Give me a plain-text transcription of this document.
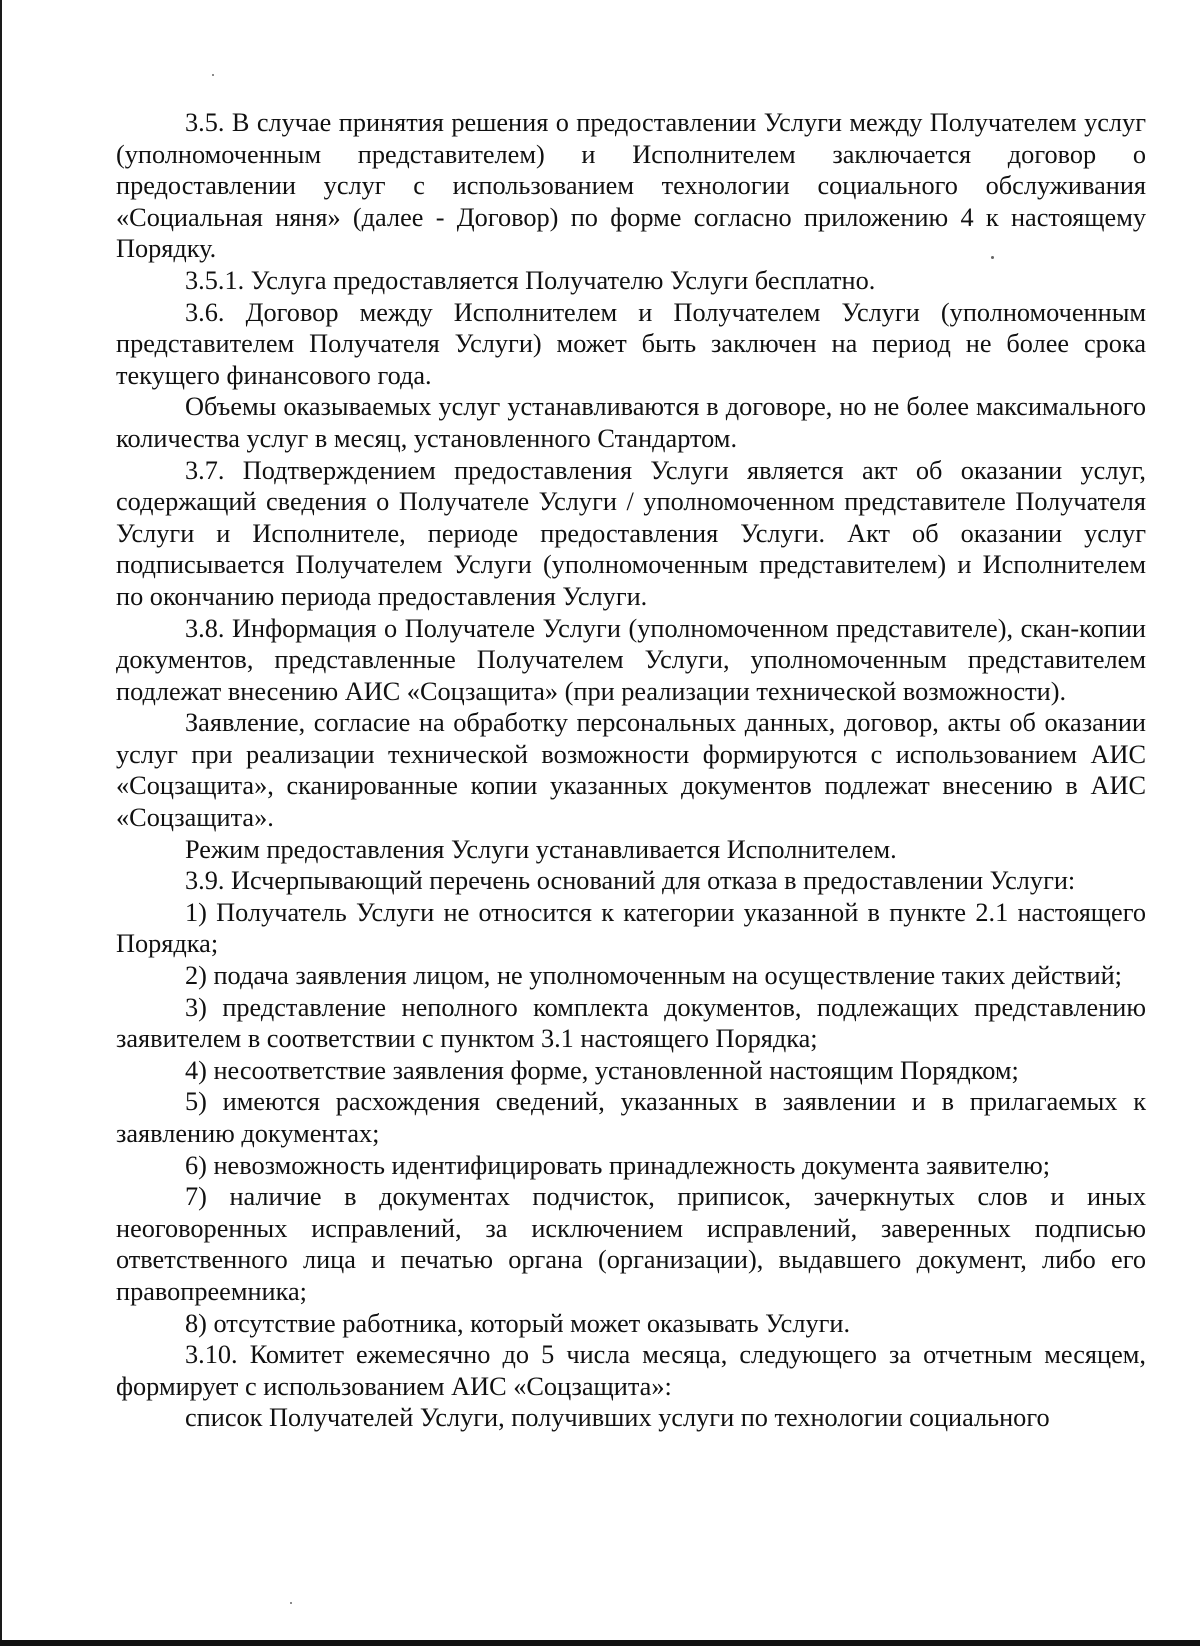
3.5. В случае принятия решения о предоставлении Услуги между Получателем услуг (уполномоченным представителем) и Исполнителем заключается договор о предоставлении услуг с использованием технологии социального обслуживания «Социальная няня» (далее - Договор) по форме согласно приложению 4 к настоящему Порядку.

3.5.1. Услуга предоставляется Получателю Услуги бесплатно.

3.6. Договор между Исполнителем и Получателем Услуги (уполномоченным представителем Получателя Услуги) может быть заключен на период не более срока текущего финансового года.

Объемы оказываемых услуг устанавливаются в договоре, но не более максимального количества услуг в месяц, установленного Стандартом.

3.7. Подтверждением предоставления Услуги является акт об оказании услуг, содержащий сведения о Получателе Услуги / уполномоченном представителе Получателя Услуги и Исполнителе, периоде предоставления Услуги. Акт об оказании услуг подписывается Получателем Услуги (уполномоченным представителем) и Исполнителем по окончанию периода предоставления Услуги.

3.8. Информация о Получателе Услуги (уполномоченном представителе), скан-копии документов, представленные Получателем Услуги, уполномоченным представителем подлежат внесению АИС «Соцзащита» (при реализации технической возможности).

Заявление, согласие на обработку персональных данных, договор, акты об оказании услуг при реализации технической возможности формируются с использованием АИС «Соцзащита», сканированные копии указанных документов подлежат внесению в АИС «Соцзащита».

Режим предоставления Услуги устанавливается Исполнителем.

3.9. Исчерпывающий перечень оснований для отказа в предоставлении Услуги:

1) Получатель Услуги не относится к категории указанной в пункте 2.1 настоящего Порядка;

2) подача заявления лицом, не уполномоченным на осуществление таких действий;

3) представление неполного комплекта документов, подлежащих представлению заявителем в соответствии с пунктом 3.1 настоящего Порядка;

4) несоответствие заявления форме, установленной настоящим Порядком;

5) имеются расхождения сведений, указанных в заявлении и в прилагаемых к заявлению документах;

6) невозможность идентифицировать принадлежность документа заявителю;

7) наличие в документах подчисток, приписок, зачеркнутых слов и иных неоговоренных исправлений, за исключением исправлений, заверенных подписью ответственного лица и печатью органа (организации), выдавшего документ, либо его правопреемника;

8) отсутствие работника, который может оказывать Услуги.

3.10. Комитет ежемесячно до 5 числа месяца, следующего за отчетным месяцем, формирует с использованием АИС «Соцзащита»:

список Получателей Услуги, получивших услуги по технологии социального
